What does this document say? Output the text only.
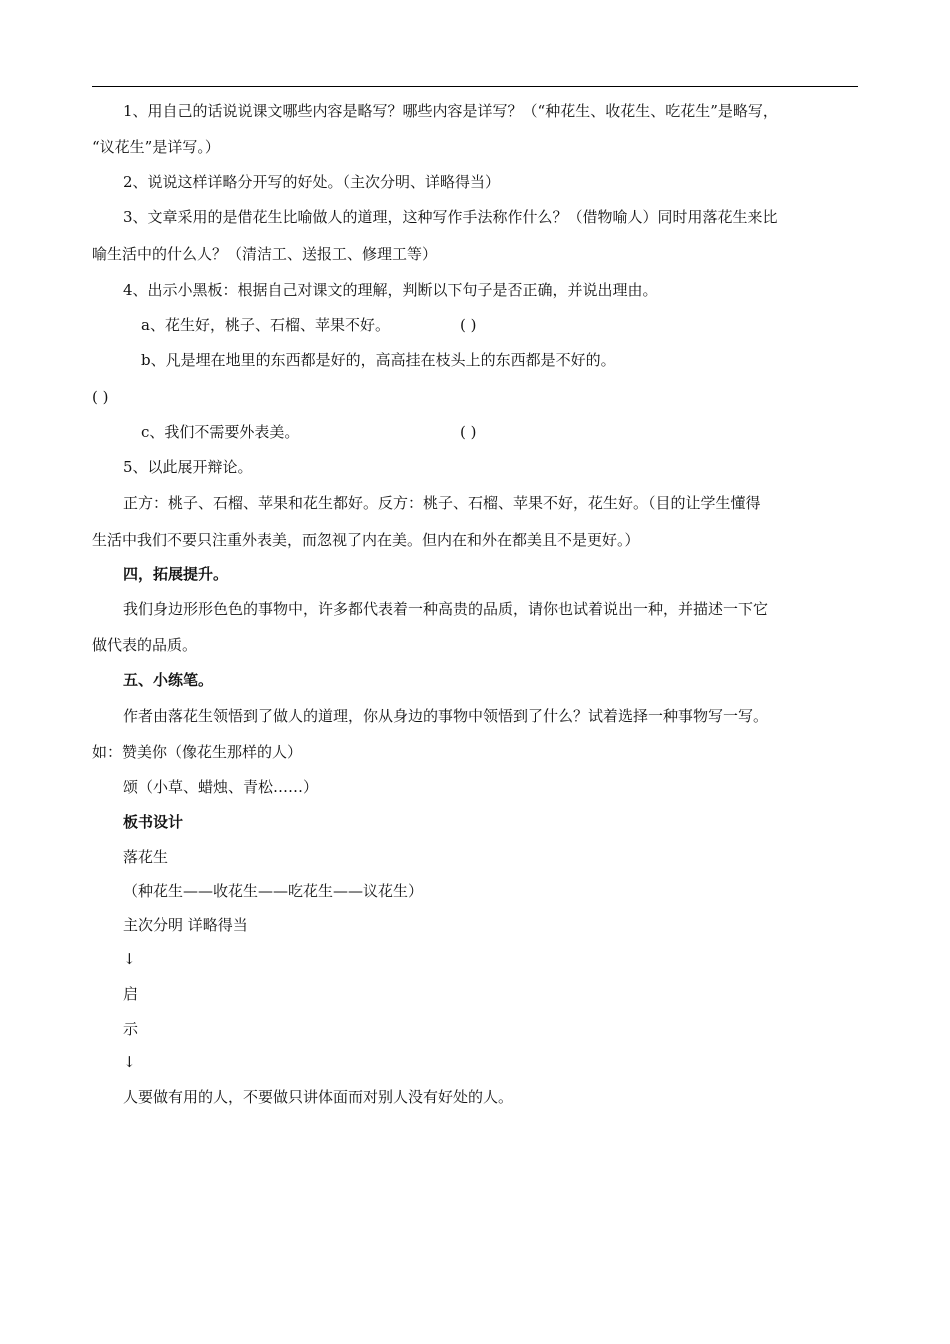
1、用自己的话说说课文哪些内容是略写？哪些内容是详写？（“种花生、收花生、吃花生”是略写，
“议花生”是详写。）
2、说说这样详略分开写的好处。（主次分明、详略得当）
3、文章采用的是借花生比喻做人的道理，这种写作手法称作什么？（借物喻人）同时用落花生来比
喻生活中的什么人？（清洁工、送报工、修理工等）
4、出示小黑板：根据自己对课文的理解，判断以下句子是否正确，并说出理由。
a、花生好，桃子、石榴、苹果不好。	( )
b、凡是埋在地里的东西都是好的，高高挂在枝头上的东西都是不好的。
( )
c、我们不需要外表美。	( )
5、以此展开辩论。
正方：桃子、石榴、苹果和花生都好。反方：桃子、石榴、苹果不好，花生好。（目的让学生懂得
生活中我们不要只注重外表美，而忽视了内在美。但内在和外在都美且不是更好。）
四，拓展提升。
我们身边形形色色的事物中，许多都代表着一种高贵的品质，请你也试着说出一种，并描述一下它
做代表的品质。
五、小练笔。
作者由落花生领悟到了做人的道理，你从身边的事物中领悟到了什么？试着选择一种事物写一写。
如：赞美你（像花生那样的人）
颂（小草、蜡烛、青松……）
板书设计
落花生
（种花生——收花生——吃花生——议花生）
主次分明 详略得当
↓
启
示
↓
人要做有用的人，不要做只讲体面而对别人没有好处的人。
